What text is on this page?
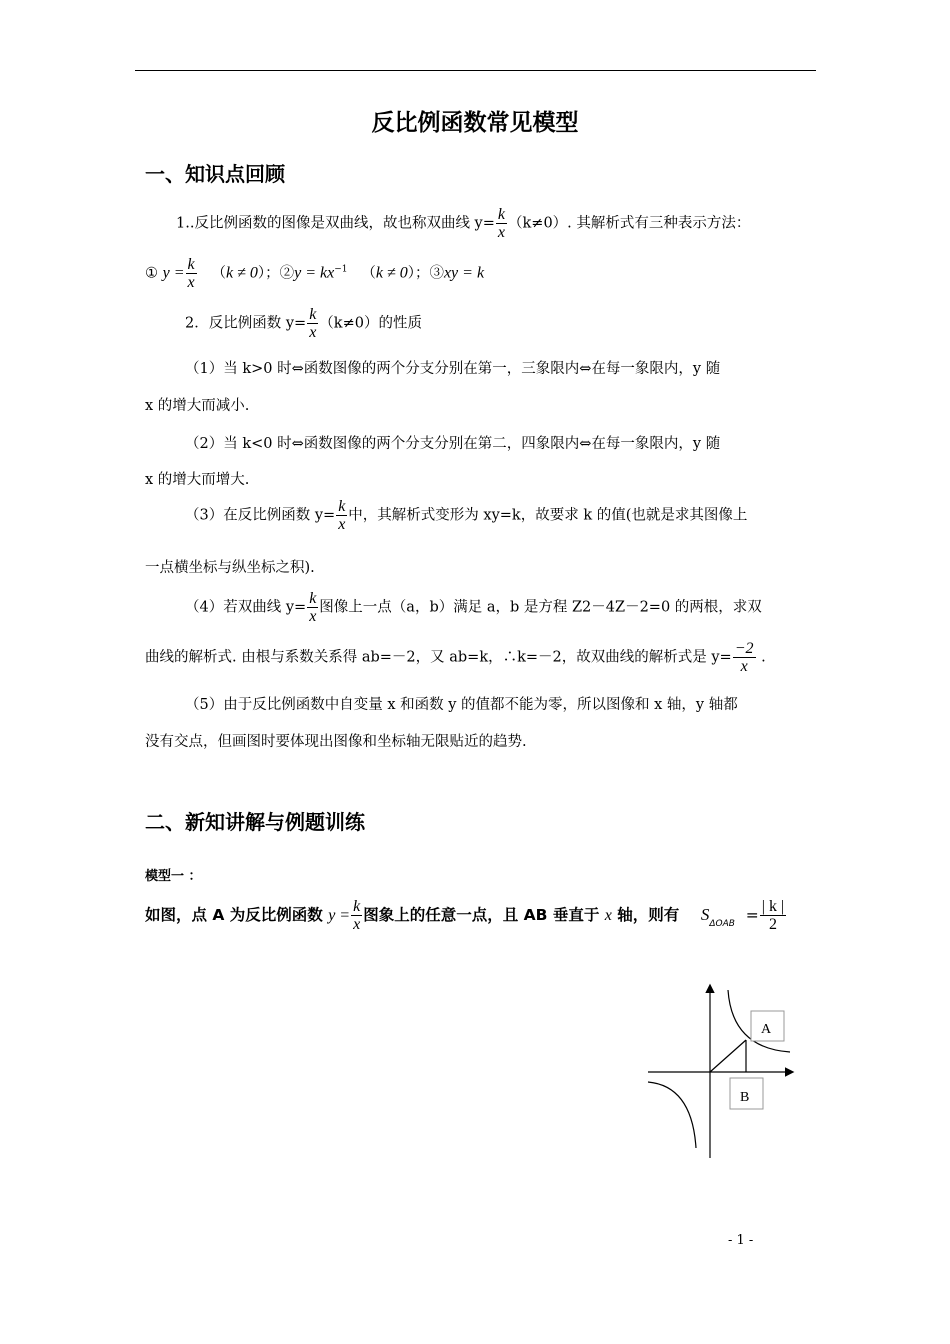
反比例函数常见模型
一、知识点回顾
1..反比例函数的图像是双曲线，故也称双曲线 $y= \frac{k}{x} (k\ne 0)$. 其解析式有三种表示方法：
① $y = \frac{k}{x} (k \ne 0)$；②y = $kx^{-1}$ （k ≠ 0）；③xy = k
2．反比例函数 $y= \frac{k}{x} (k\ne 0)$的性质
（1）当 k>0 时⇔函数图像的两个分支分别在第一，三象限内⇔在每一象限内，y 随
x 的增大而减小.
（2）当 k<0 时⇔函数图像的两个分支分别在第二，四象限内⇔在每一象限内，y 随
x 的增大而增大.
（3）在反比例函数 $y= \frac{k}{x}$ 中，其解析式变形为 xy=k，故要求 k 的值(也就是求其图像上
一点横坐标与纵坐标之积).
（4）若双曲线 $y= \frac{k}{x}$ 图像上一点（a，b）满足 a，b 是方程 Z2－4Z－2=0 的两根，求双
曲线的解析式. 由根与系数关系得 ab=－2，又 ab=k，∴k=－2，故双曲线的解析式是 $y= \frac{-2}{x}$ .
（5）由于反比例函数中自变量 x 和函数 y 的值都不能为零，所以图像和 x 轴，y 轴都
没有交点，但画图时要体现出图像和坐标轴无限贴近的趋势.
二、新知讲解与例题训练
模型一 ：
如图，点 A 为反比例函数 $y = \frac{k}{x}$ 图象上的任意一点，且 AB 垂直于 x 轴，则有 $S_{\Delta OAB} = \frac{| k |}{2}$
A
B
- 1 -
